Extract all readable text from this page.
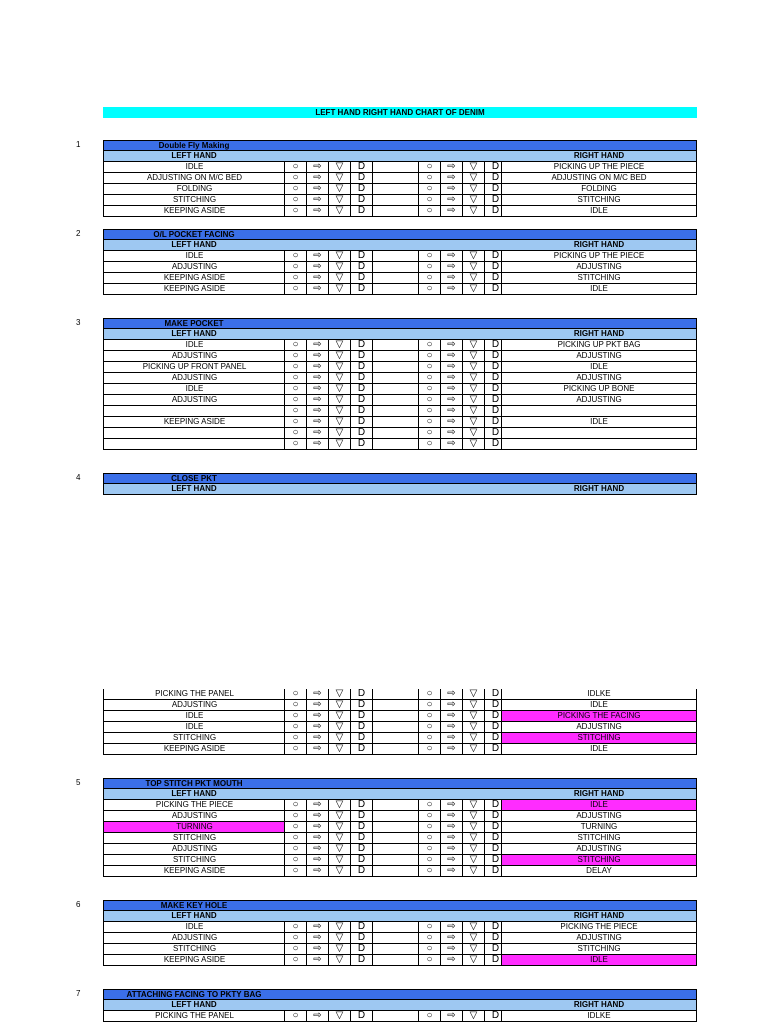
LEFT HAND RIGHT HAND CHART OF DENIM
1	Double Fly Making
LEFT HAND	RIGHT HAND
IDLE	○	⇨	▽	D	○	⇨	▽	D	PICKING UP THE PIECE
ADJUSTING ON M/C BED	○	⇨	▽	D	○	⇨	▽	D	ADJUSTING ON M/C BED
FOLDING	○	⇨	▽	D	○	⇨	▽	D	FOLDING
STITCHING	○	⇨	▽	D	○	⇨	▽	D	STITCHING
KEEPING ASIDE	○	⇨	▽	D	○	⇨	▽	D	IDLE
2	O/L POCKET FACING
LEFT HAND	RIGHT HAND
IDLE	○	⇨	▽	D	○	⇨	▽	D	PICKING UP THE PIECE
ADJUSTING	○	⇨	▽	D	○	⇨	▽	D	ADJUSTING
KEEPING ASIDE	○	⇨	▽	D	○	⇨	▽	D	STITCHING
KEEPING ASIDE	○	⇨	▽	D	○	⇨	▽	D	IDLE
3	MAKE POCKET
LEFT HAND	RIGHT HAND
IDLE	○	⇨	▽	D	○	⇨	▽	D	PICKING UP PKT BAG
ADJUSTING	○	⇨	▽	D	○	⇨	▽	D	ADJUSTING
PICKING UP FRONT PANEL	○	⇨	▽	D	○	⇨	▽	D	IDLE
ADJUSTING	○	⇨	▽	D	○	⇨	▽	D	ADJUSTING
IDLE	○	⇨	▽	D	○	⇨	▽	D	PICKING UP BONE
ADJUSTING	○	⇨	▽	D	○	⇨	▽	D	ADJUSTING
○	⇨	▽	D	○	⇨	▽	D
KEEPING ASIDE	○	⇨	▽	D	○	⇨	▽	D	IDLE
○	⇨	▽	D	○	⇨	▽	D
○	⇨	▽	D	○	⇨	▽	D
4	CLOSE PKT
LEFT HAND	RIGHT HAND
PICKING THE PANEL	○	⇨	▽	D	○	⇨	▽	D	IDLKE
ADJUSTING	○	⇨	▽	D	○	⇨	▽	D	IDLE
IDLE	○	⇨	▽	D	○	⇨	▽	D	PICKING THE FACING
IDLE	○	⇨	▽	D	○	⇨	▽	D	ADJUSTING
STITCHING	○	⇨	▽	D	○	⇨	▽	D	STITCHING
KEEPING ASIDE	○	⇨	▽	D	○	⇨	▽	D	IDLE
5	TOP STITCH PKT MOUTH
LEFT HAND	RIGHT HAND
PICKING THE PIECE	○	⇨	▽	D	○	⇨	▽	D	IDLE
ADJUSTING	○	⇨	▽	D	○	⇨	▽	D	ADJUSTING
TURNING	○	⇨	▽	D	○	⇨	▽	D	TURNING
STITCHING	○	⇨	▽	D	○	⇨	▽	D	STITCHING
ADJUSTING	○	⇨	▽	D	○	⇨	▽	D	ADJUSTING
STITCHING	○	⇨	▽	D	○	⇨	▽	D	STITCHING
KEEPING ASIDE	○	⇨	▽	D	○	⇨	▽	D	DELAY
6	MAKE KEY HOLE
LEFT HAND	RIGHT HAND
IDLE	○	⇨	▽	D	○	⇨	▽	D	PICKING THE PIECE
ADJUSTING	○	⇨	▽	D	○	⇨	▽	D	ADJUSTING
STITCHING	○	⇨	▽	D	○	⇨	▽	D	STITCHING
KEEPING ASIDE	○	⇨	▽	D	○	⇨	▽	D	IDLE
7	ATTACHING FACING TO PKTY BAG
LEFT HAND	RIGHT HAND
PICKING THE PANEL	○	⇨	▽	D	○	⇨	▽	D	IDLKE
